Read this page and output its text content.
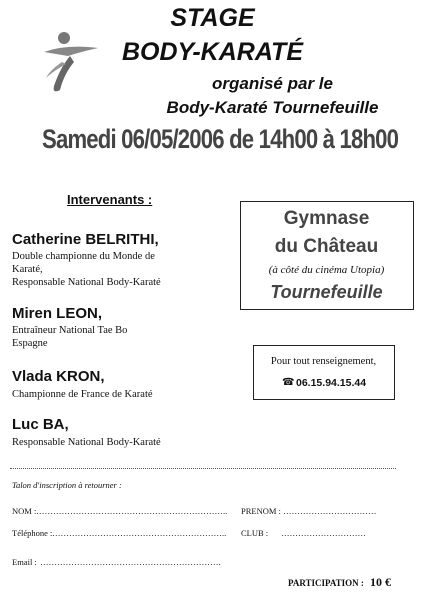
STAGE
BODY-KARATÉ
organisé par le
Body-Karaté Tournefeuille
Samedi 06/05/2006 de 14h00 à 18h00
Intervenants :
Catherine BELRITHI,
Double championne du Monde de
Karaté,
Responsable National Body-Karaté
Miren LEON,
Entraîneur National Tae Bo
Espagne
Vlada KRON,
Championne de France de Karaté
Luc BA,
Responsable National Body-Karaté
Gymnase
du Château
(à côté du cinéma Utopia)
Tournefeuille
Pour tout renseignement,
☎ 06.15.94.15.44
Talon d'inscription à retourner :
NOM : ………………………………………………………….. PRENOM : ……………………………
Téléphone : …………………………………………………….. CLUB : …………………………
Email : ……………………………………………………….
PARTICIPATION : 10 €
